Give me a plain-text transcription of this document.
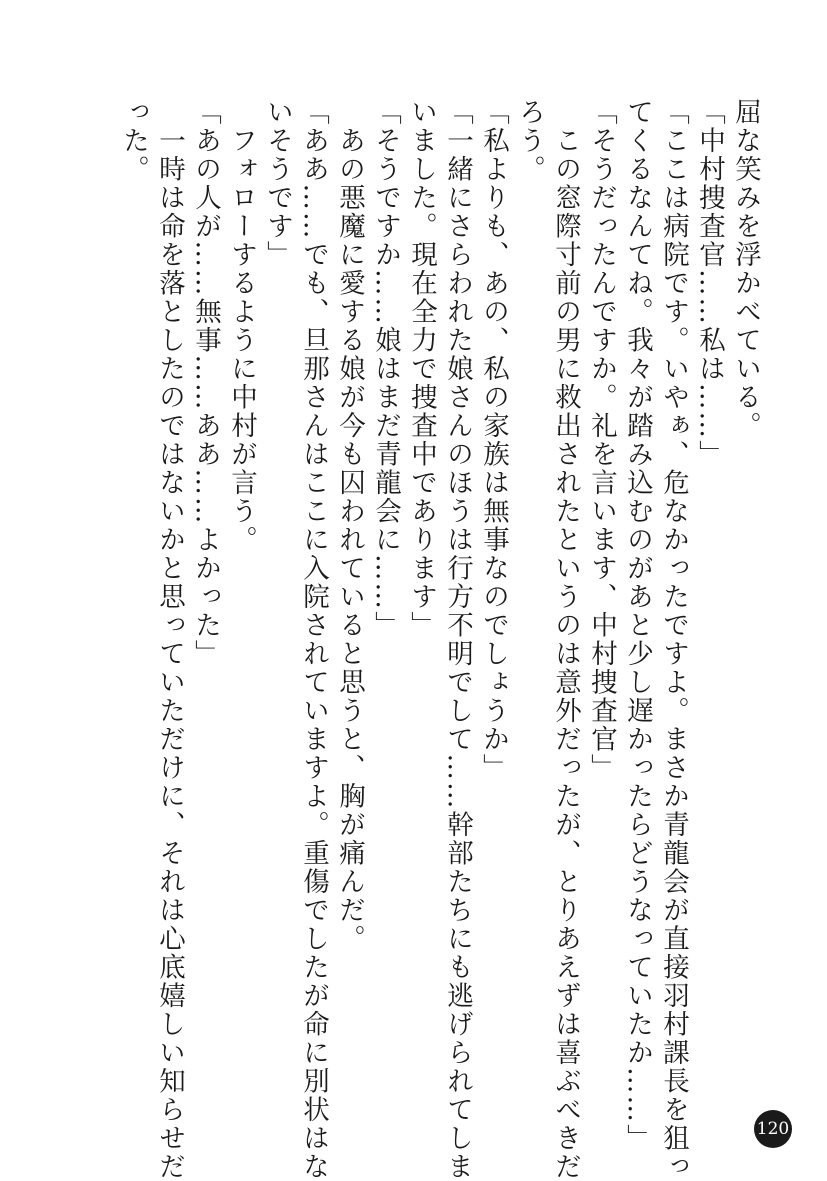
屈な笑みを浮かべている。
「中村捜査官……私は……」
「ここは病院です。いやぁ、危なかったですよ。まさか青龍会が直接羽村課長を狙っ
てくるなんてね。我々が踏み込むのがあと少し遅かったらどうなっていたか……」
「そうだったんですか。礼を言います、中村捜査官」
　この窓際寸前の男に救出されたというのは意外だったが、とりあえずは喜ぶべきだ
ろう。
「私よりも、あの、私の家族は無事なのでしょうか」
「一緒にさらわれた娘さんのほうは行方不明でして……幹部たちにも逃げられてしま
いました。現在全力で捜査中であります」
「そうですか……娘はまだ青龍会に……」
　あの悪魔に愛する娘が今も囚われていると思うと、胸が痛んだ。
「ああ……でも、旦那さんはここに入院されていますよ。重傷でしたが命に別状はな
いそうです」
　フォローするように中村が言う。
「あの人が……無事……ああ……よかった」
　一時は命を落としたのではないかと思っていただけに、それは心底嬉しい知らせだ
った。
120
